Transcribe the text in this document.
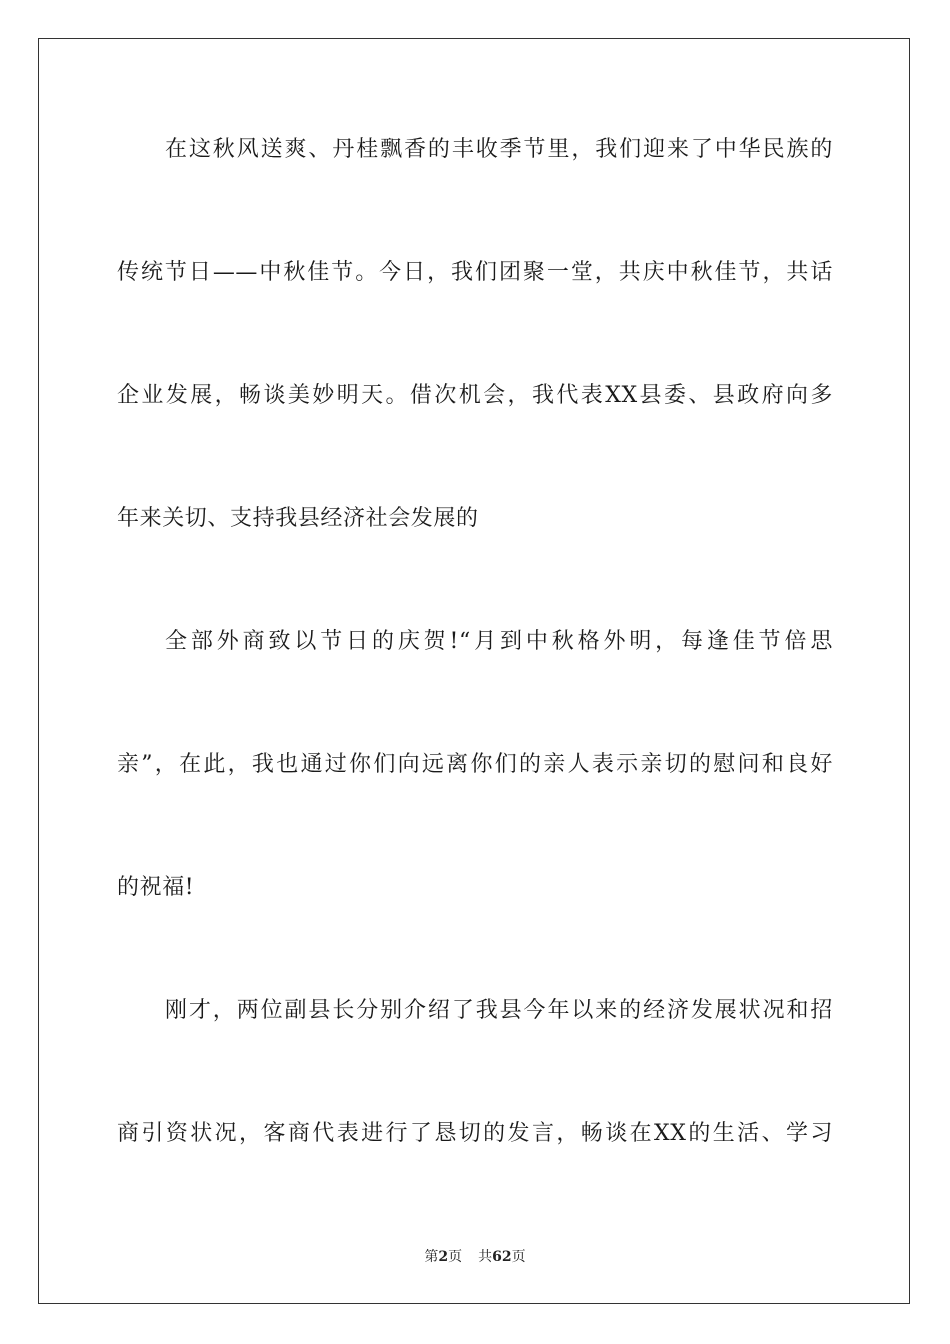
在这秋风送爽、丹桂飘香的丰收季节里，我们迎来了中华民族的
传统节日——中秋佳节。今日，我们团聚一堂，共庆中秋佳节，共话
企业发展，畅谈美妙明天。借次机会，我代表XX县委、县政府向多
年来关切、支持我县经济社会发展的
全部外商致以节日的庆贺!“月到中秋格外明，每逢佳节倍思
亲”，在此，我也通过你们向远离你们的亲人表示亲切的慰问和良好
的祝福!
刚才，两位副县长分别介绍了我县今年以来的经济发展状况和招
商引资状况，客商代表进行了恳切的发言，畅谈在XX的生活、学习
第2页 共62页
